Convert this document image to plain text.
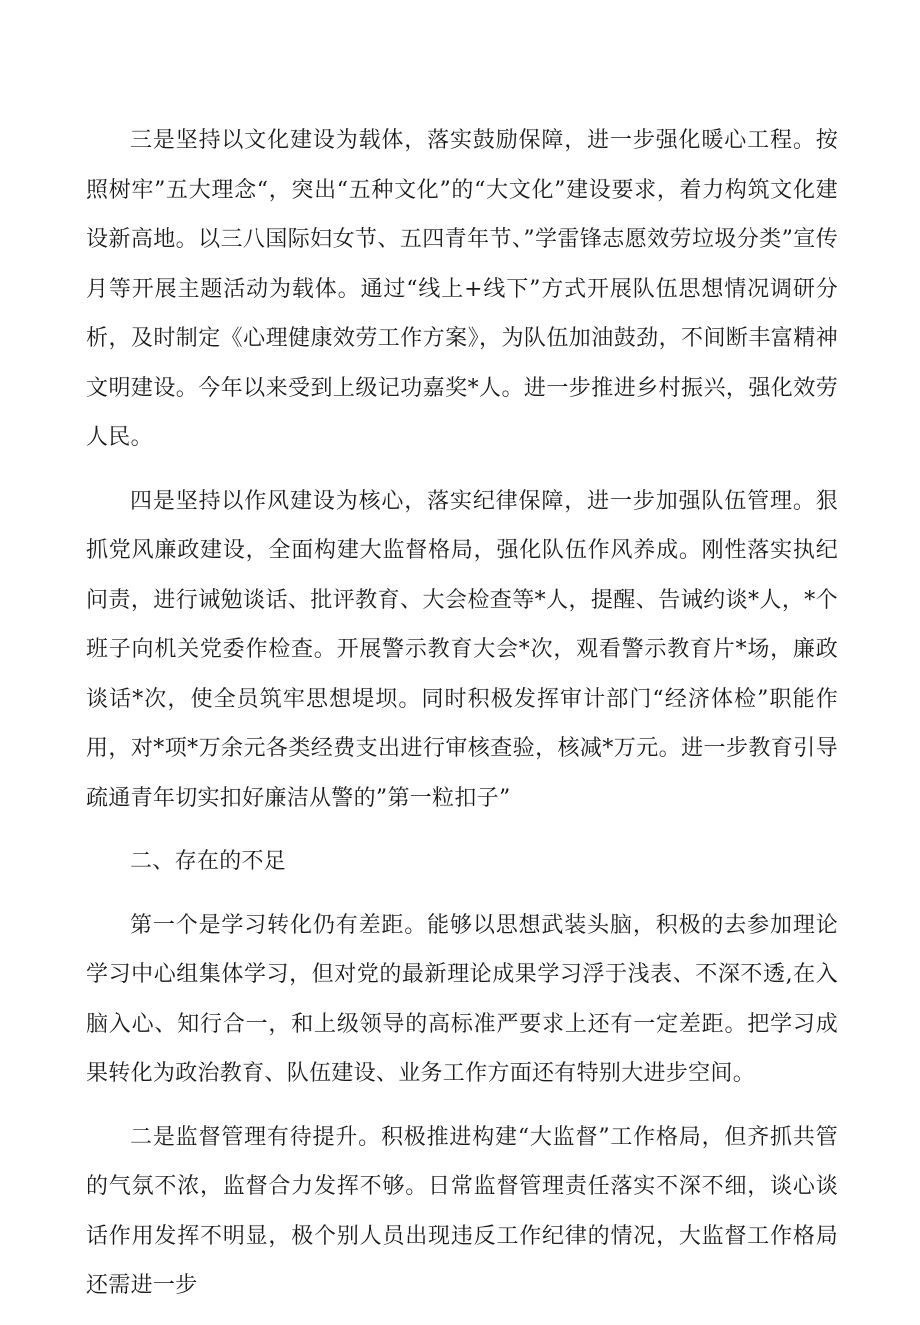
三是坚持以文化建设为载体，落实鼓励保障，进一步强化暖心工程。按照树牢”五大理念“，突出“五种文化”的“大文化”建设要求，着力构筑文化建设新高地。以三八国际妇女节、五四青年节、”学雷锋志愿效劳垃圾分类”宣传月等开展主题活动为载体。通过“线上+线下”方式开展队伍思想情况调研分析，及时制定《心理健康效劳工作方案》，为队伍加油鼓劲，不间断丰富精神文明建设。今年以来受到上级记功嘉奖*人。进一步推进乡村振兴，强化效劳人民。

四是坚持以作风建设为核心，落实纪律保障，进一步加强队伍管理。狠抓党风廉政建设，全面构建大监督格局，强化队伍作风养成。刚性落实执纪问责，进行诫勉谈话、批评教育、大会检查等*人，提醒、告诫约谈*人，*个班子向机关党委作检查。开展警示教育大会*次，观看警示教育片*场，廉政谈话*次，使全员筑牢思想堤坝。同时积极发挥审计部门“经济体检”职能作用，对*项*万余元各类经费支出进行审核查验，核减*万元。进一步教育引导疏通青年切实扣好廉洁从警的”第一粒扣子”

二、存在的不足

第一个是学习转化仍有差距。能够以思想武装头脑，积极的去参加理论学习中心组集体学习，但对党的最新理论成果学习浮于浅表、不深不透,在入脑入心、知行合一，和上级领导的高标准严要求上还有一定差距。把学习成果转化为政治教育、队伍建设、业务工作方面还有特别大进步空间。

二是监督管理有待提升。积极推进构建“大监督”工作格局，但齐抓共管的气氛不浓，监督合力发挥不够。日常监督管理责任落实不深不细，谈心谈话作用发挥不明显，极个别人员出现违反工作纪律的情况，大监督工作格局还需进一步
